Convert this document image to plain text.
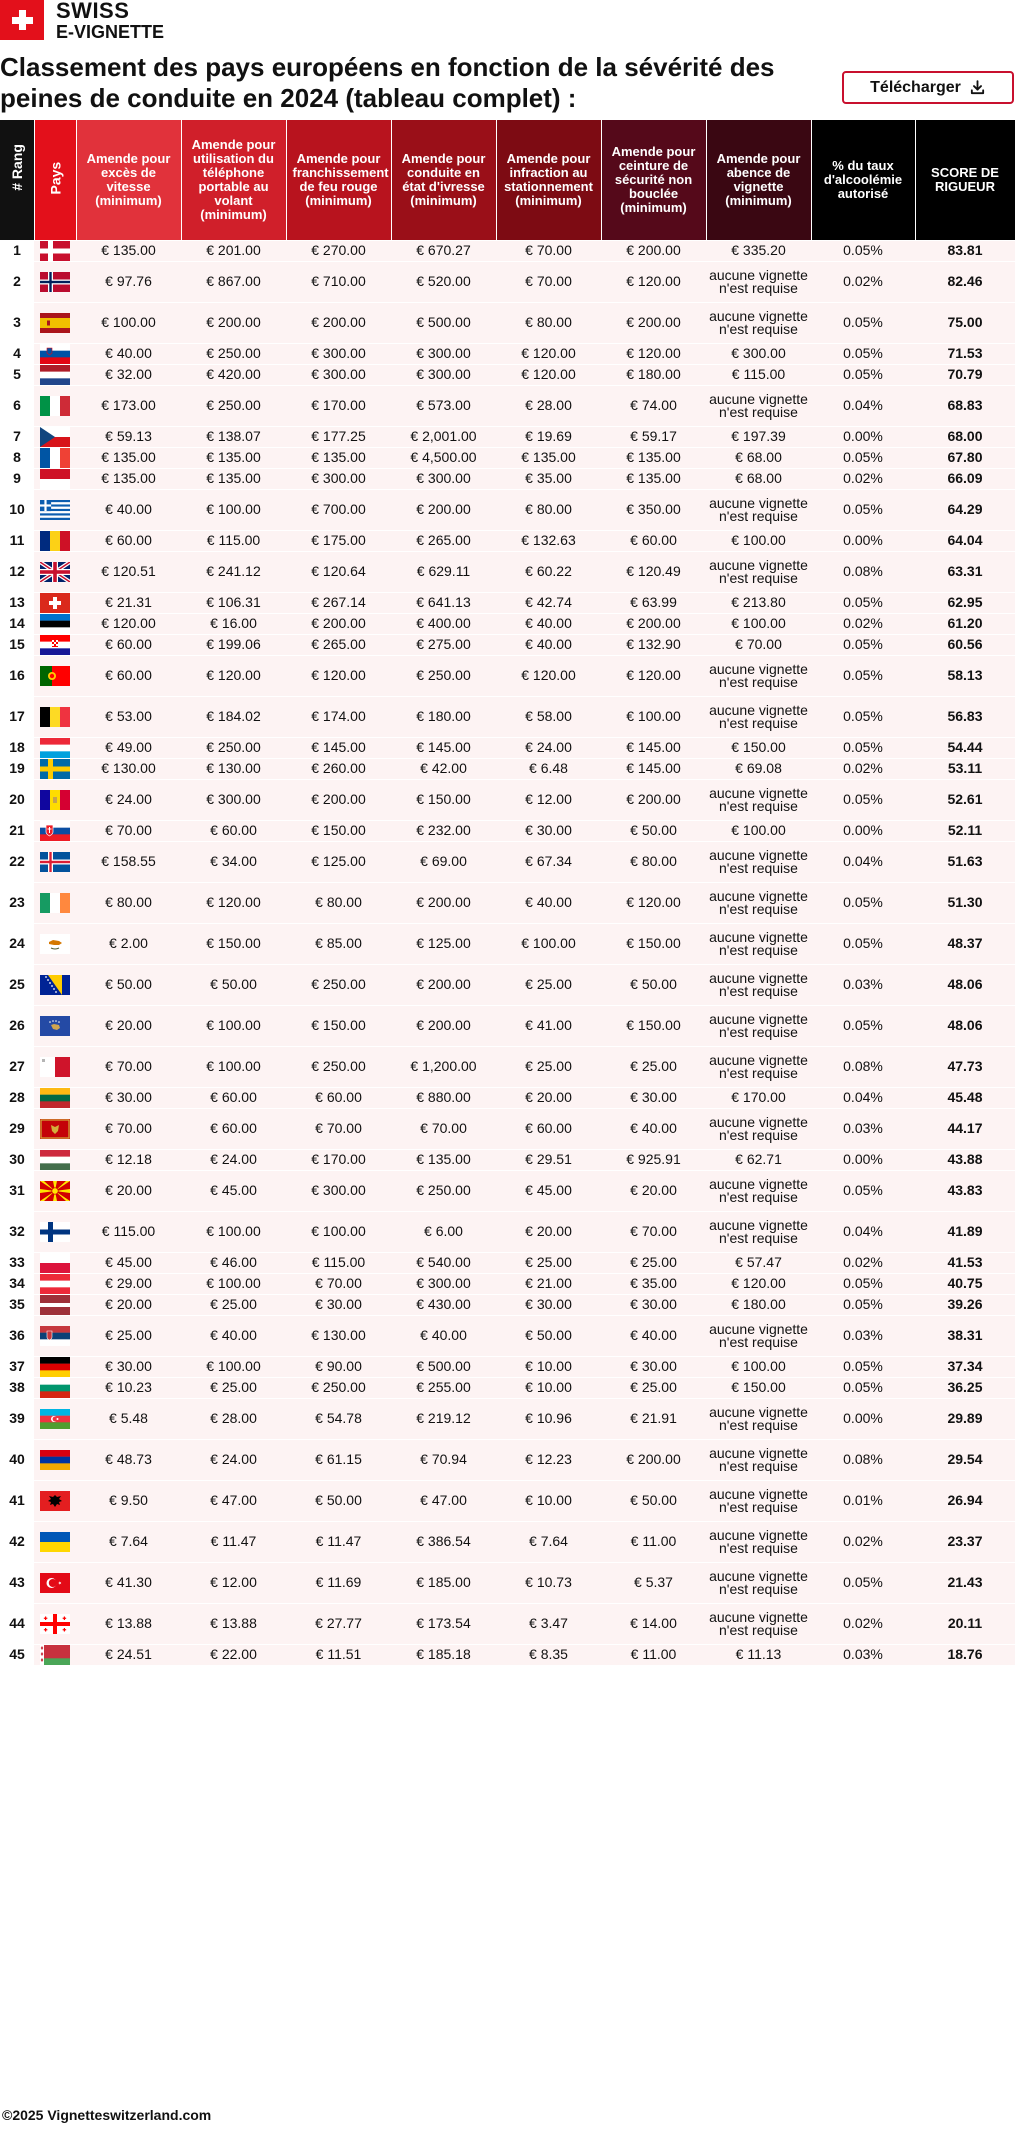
SWISS
E-VIGNETTE
Classement des pays européens en fonction de la sévérité des peines de conduite en 2024 (tableau complet) :	Télécharger
# Rang	Pays	Amende pour excès de vitesse (minimum)	Amende pour utilisation du téléphone portable au volant (minimum)	Amende pour franchissement de feu rouge (minimum)	Amende pour conduite en état d'ivresse (minimum)	Amende pour infraction au stationnement (minimum)	Amende pour ceinture de sécurité non bouclée (minimum)	Amende pour abence de vignette (minimum)	% du taux d'alcoolémie autorisé	SCORE DE RIGUEUR
1		€ 135.00	€ 201.00	€ 270.00	€ 670.27	€ 70.00	€ 200.00	€ 335.20	0.05%	83.81
2		€ 97.76	€ 867.00	€ 710.00	€ 520.00	€ 70.00	€ 120.00	aucune vignette n'est requise	0.02%	82.46
3		€ 100.00	€ 200.00	€ 200.00	€ 500.00	€ 80.00	€ 200.00	aucune vignette n'est requise	0.05%	75.00
4		€ 40.00	€ 250.00	€ 300.00	€ 300.00	€ 120.00	€ 120.00	€ 300.00	0.05%	71.53
5		€ 32.00	€ 420.00	€ 300.00	€ 300.00	€ 120.00	€ 180.00	€ 115.00	0.05%	70.79
6		€ 173.00	€ 250.00	€ 170.00	€ 573.00	€ 28.00	€ 74.00	aucune vignette n'est requise	0.04%	68.83
7		€ 59.13	€ 138.07	€ 177.25	€ 2,001.00	€ 19.69	€ 59.17	€ 197.39	0.00%	68.00
8		€ 135.00	€ 135.00	€ 135.00	€ 4,500.00	€ 135.00	€ 135.00	€ 68.00	0.05%	67.80
9		€ 135.00	€ 135.00	€ 300.00	€ 300.00	€ 35.00	€ 135.00	€ 68.00	0.02%	66.09
10		€ 40.00	€ 100.00	€ 700.00	€ 200.00	€ 80.00	€ 350.00	aucune vignette n'est requise	0.05%	64.29
11		€ 60.00	€ 115.00	€ 175.00	€ 265.00	€ 132.63	€ 60.00	€ 100.00	0.00%	64.04
12		€ 120.51	€ 241.12	€ 120.64	€ 629.11	€ 60.22	€ 120.49	aucune vignette n'est requise	0.08%	63.31
13		€ 21.31	€ 106.31	€ 267.14	€ 641.13	€ 42.74	€ 63.99	€ 213.80	0.05%	62.95
14		€ 120.00	€ 16.00	€ 200.00	€ 400.00	€ 40.00	€ 200.00	€ 100.00	0.02%	61.20
15		€ 60.00	€ 199.06	€ 265.00	€ 275.00	€ 40.00	€ 132.90	€ 70.00	0.05%	60.56
16		€ 60.00	€ 120.00	€ 120.00	€ 250.00	€ 120.00	€ 120.00	aucune vignette n'est requise	0.05%	58.13
17		€ 53.00	€ 184.02	€ 174.00	€ 180.00	€ 58.00	€ 100.00	aucune vignette n'est requise	0.05%	56.83
18		€ 49.00	€ 250.00	€ 145.00	€ 145.00	€ 24.00	€ 145.00	€ 150.00	0.05%	54.44
19		€ 130.00	€ 130.00	€ 260.00	€ 42.00	€ 6.48	€ 145.00	€ 69.08	0.02%	53.11
20		€ 24.00	€ 300.00	€ 200.00	€ 150.00	€ 12.00	€ 200.00	aucune vignette n'est requise	0.05%	52.61
21		€ 70.00	€ 60.00	€ 150.00	€ 232.00	€ 30.00	€ 50.00	€ 100.00	0.00%	52.11
22		€ 158.55	€ 34.00	€ 125.00	€ 69.00	€ 67.34	€ 80.00	aucune vignette n'est requise	0.04%	51.63
23		€ 80.00	€ 120.00	€ 80.00	€ 200.00	€ 40.00	€ 120.00	aucune vignette n'est requise	0.05%	51.30
24		€ 2.00	€ 150.00	€ 85.00	€ 125.00	€ 100.00	€ 150.00	aucune vignette n'est requise	0.05%	48.37
25		€ 50.00	€ 50.00	€ 250.00	€ 200.00	€ 25.00	€ 50.00	aucune vignette n'est requise	0.03%	48.06
26		€ 20.00	€ 100.00	€ 150.00	€ 200.00	€ 41.00	€ 150.00	aucune vignette n'est requise	0.05%	48.06
27		€ 70.00	€ 100.00	€ 250.00	€ 1,200.00	€ 25.00	€ 25.00	aucune vignette n'est requise	0.08%	47.73
28		€ 30.00	€ 60.00	€ 60.00	€ 880.00	€ 20.00	€ 30.00	€ 170.00	0.04%	45.48
29		€ 70.00	€ 60.00	€ 70.00	€ 70.00	€ 60.00	€ 40.00	aucune vignette n'est requise	0.03%	44.17
30		€ 12.18	€ 24.00	€ 170.00	€ 135.00	€ 29.51	€ 925.91	€ 62.71	0.00%	43.88
31		€ 20.00	€ 45.00	€ 300.00	€ 250.00	€ 45.00	€ 20.00	aucune vignette n'est requise	0.05%	43.83
32		€ 115.00	€ 100.00	€ 100.00	€ 6.00	€ 20.00	€ 70.00	aucune vignette n'est requise	0.04%	41.89
33		€ 45.00	€ 46.00	€ 115.00	€ 540.00	€ 25.00	€ 25.00	€ 57.47	0.02%	41.53
34		€ 29.00	€ 100.00	€ 70.00	€ 300.00	€ 21.00	€ 35.00	€ 120.00	0.05%	40.75
35		€ 20.00	€ 25.00	€ 30.00	€ 430.00	€ 30.00	€ 30.00	€ 180.00	0.05%	39.26
36		€ 25.00	€ 40.00	€ 130.00	€ 40.00	€ 50.00	€ 40.00	aucune vignette n'est requise	0.03%	38.31
37		€ 30.00	€ 100.00	€ 90.00	€ 500.00	€ 10.00	€ 30.00	€ 100.00	0.05%	37.34
38		€ 10.23	€ 25.00	€ 250.00	€ 255.00	€ 10.00	€ 25.00	€ 150.00	0.05%	36.25
39		€ 5.48	€ 28.00	€ 54.78	€ 219.12	€ 10.96	€ 21.91	aucune vignette n'est requise	0.00%	29.89
40		€ 48.73	€ 24.00	€ 61.15	€ 70.94	€ 12.23	€ 200.00	aucune vignette n'est requise	0.08%	29.54
41		€ 9.50	€ 47.00	€ 50.00	€ 47.00	€ 10.00	€ 50.00	aucune vignette n'est requise	0.01%	26.94
42		€ 7.64	€ 11.47	€ 11.47	€ 386.54	€ 7.64	€ 11.00	aucune vignette n'est requise	0.02%	23.37
43		€ 41.30	€ 12.00	€ 11.69	€ 185.00	€ 10.73	€ 5.37	aucune vignette n'est requise	0.05%	21.43
44		€ 13.88	€ 13.88	€ 27.77	€ 173.54	€ 3.47	€ 14.00	aucune vignette n'est requise	0.02%	20.11
45		€ 24.51	€ 22.00	€ 11.51	€ 185.18	€ 8.35	€ 11.00	€ 11.13	0.03%	18.76
©2025 Vignetteswitzerland.com
